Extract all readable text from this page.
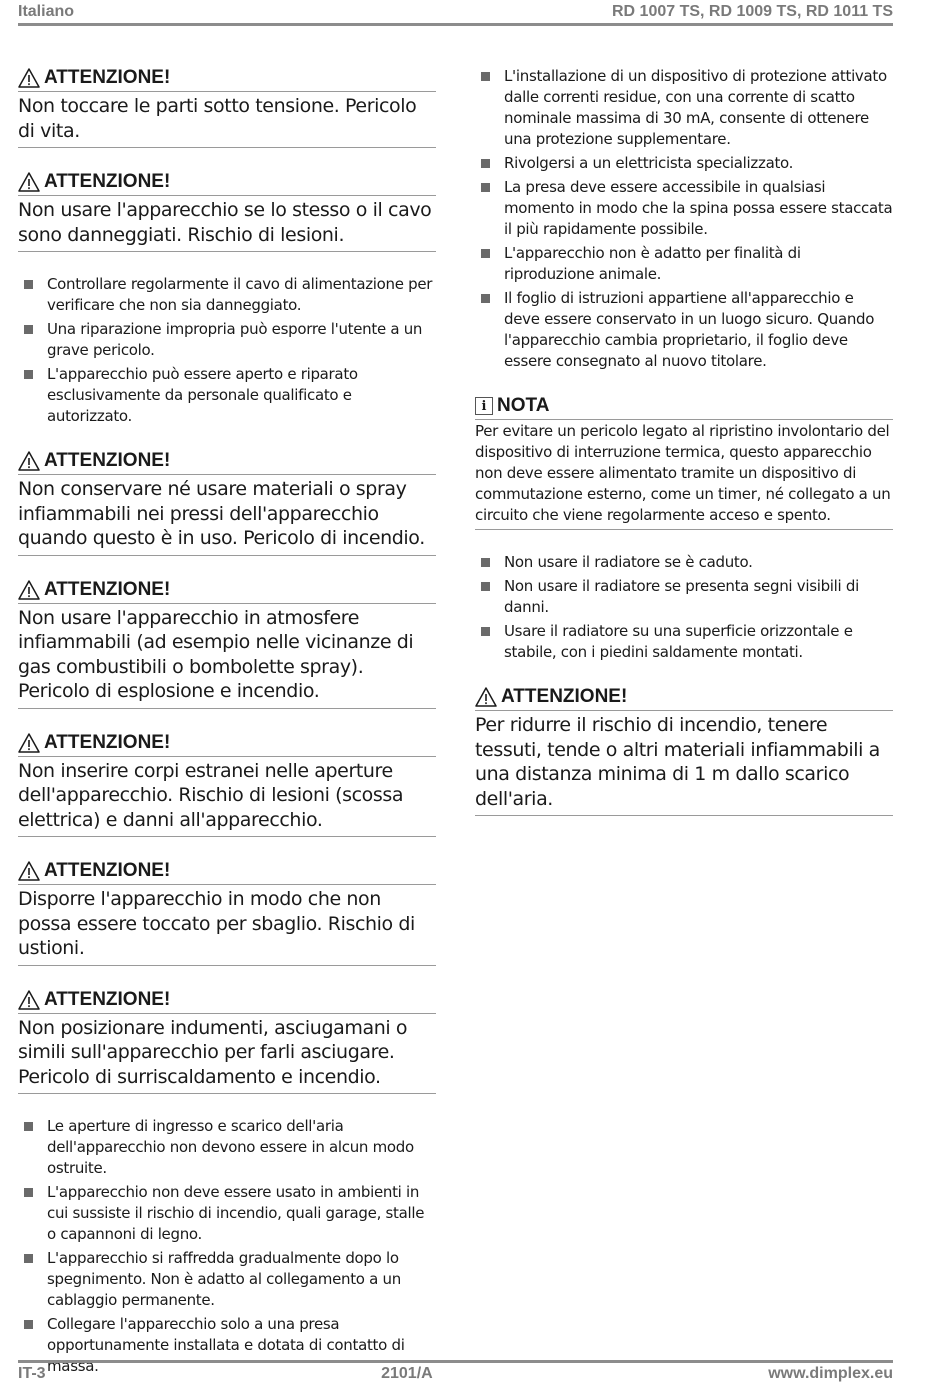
Italiano	RD 1007 TS, RD 1009 TS, RD 1011 TS
ATTENZIONE!
Non toccare le parti sotto tensione. Pericolo di vita.
ATTENZIONE!
Non usare l'apparecchio se lo stesso o il cavo sono danneggiati. Rischio di lesioni.
Controllare regolarmente il cavo di alimentazione per verificare che non sia danneggiato.
Una riparazione impropria può esporre l'utente a un grave pericolo.
L'apparecchio può essere aperto e riparato esclusivamente da personale qualificato e autorizzato.
ATTENZIONE!
Non conservare né usare materiali o spray infiammabili nei pressi dell'apparecchio quando questo è in uso. Pericolo di incendio.
ATTENZIONE!
Non usare l'apparecchio in atmosfere infiammabili (ad esempio nelle vicinanze di gas combustibili o bombolette spray). Pericolo di esplosione e incendio.
ATTENZIONE!
Non inserire corpi estranei nelle aperture dell'apparecchio. Rischio di lesioni (scossa elettrica) e danni all'apparecchio.
ATTENZIONE!
Disporre l'apparecchio in modo che non possa essere toccato per sbaglio. Rischio di ustioni.
ATTENZIONE!
Non posizionare indumenti, asciugamani o simili sull'apparecchio per farli asciugare. Pericolo di surriscaldamento e incendio.
Le aperture di ingresso e scarico dell'aria dell'apparecchio non devono essere in alcun modo ostruite.
L'apparecchio non deve essere usato in ambienti in cui sussiste il rischio di incendio, quali garage, stalle o capannoni di legno.
L'apparecchio si raffredda gradualmente dopo lo spegnimento. Non è adatto al collegamento a un cablaggio permanente.
Collegare l'apparecchio solo a una presa opportunamente installata e dotata di contatto di massa.
L'installazione di un dispositivo di protezione attivato dalle correnti residue, con una corrente di scatto nominale massima di 30 mA, consente di ottenere una protezione supplementare.
Rivolgersi a un elettricista specializzato.
La presa deve essere accessibile in qualsiasi momento in modo che la spina possa essere staccata il più rapidamente possibile.
L'apparecchio non è adatto per finalità di riproduzione animale.
Il foglio di istruzioni appartiene all'apparecchio e deve essere conservato in un luogo sicuro. Quando l'apparecchio cambia proprietario, il foglio deve essere consegnato al nuovo titolare.
i NOTA
Per evitare un pericolo legato al ripristino involontario del dispositivo di interruzione termica, questo apparecchio non deve essere alimentato tramite un dispositivo di commutazione esterno, come un timer, né collegato a un circuito che viene regolarmente acceso e spento.
Non usare il radiatore se è caduto.
Non usare il radiatore se presenta segni visibili di danni.
Usare il radiatore su una superficie orizzontale e stabile, con i piedini saldamente montati.
ATTENZIONE!
Per ridurre il rischio di incendio, tenere tessuti, tende o altri materiali infiammabili a una distanza minima di 1 m dallo scarico dell'aria.
IT-3	2101/A	www.dimplex.eu
